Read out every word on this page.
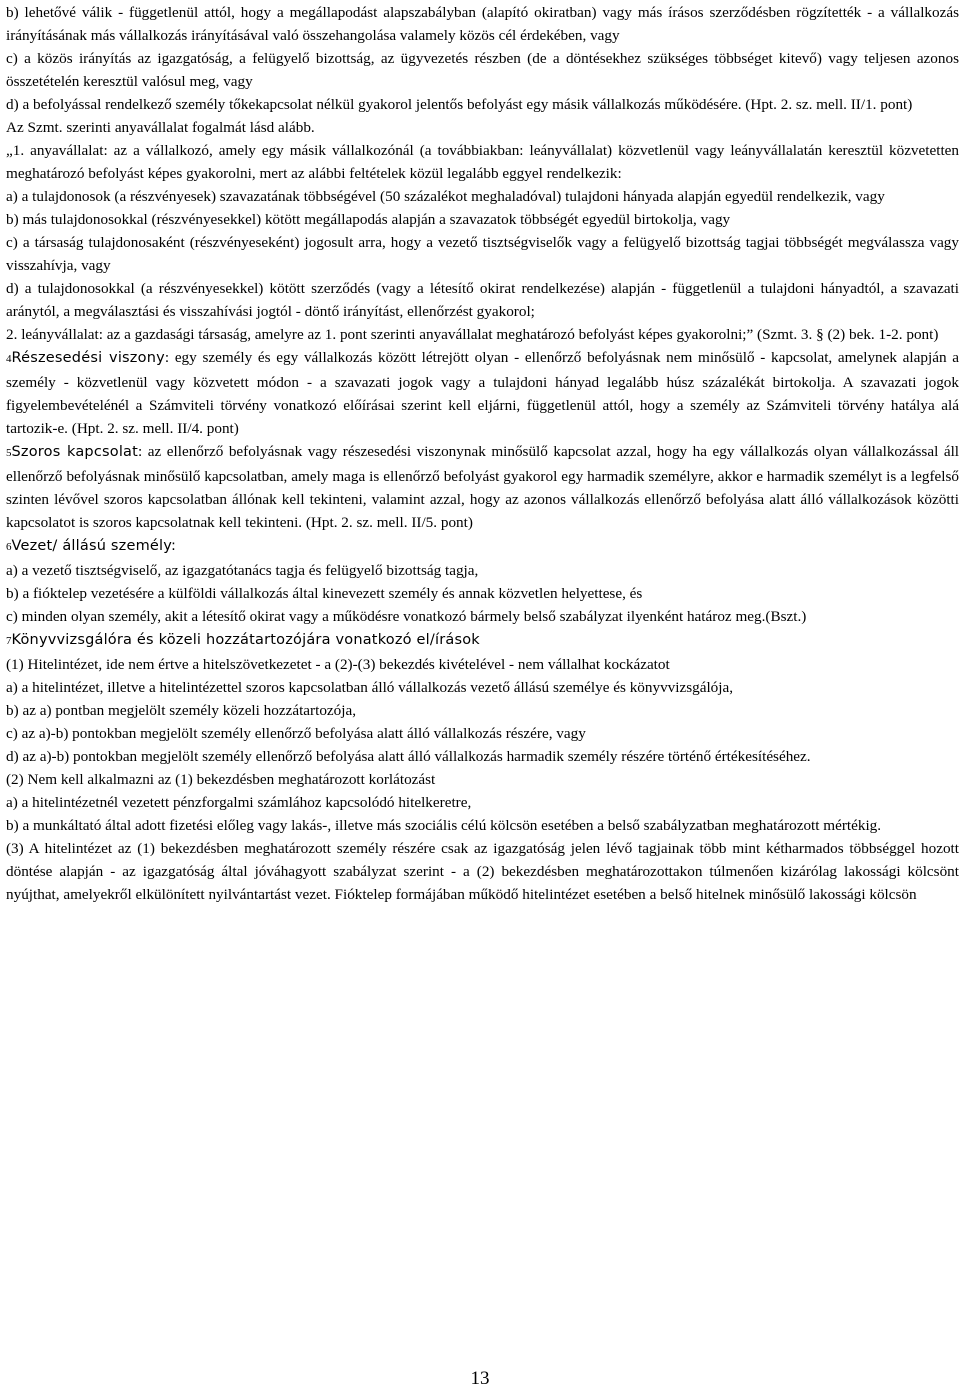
b) lehetővé válik - függetlenül attól, hogy a megállapodást alapszabályban (alapító okiratban) vagy más írásos szerződésben rögzítették - a vállalkozás irányításának más vállalkozás irányításával való összehangolása valamely közös cél érdekében, vagy

c) a közös irányítás az igazgatóság, a felügyelő bizottság, az ügyvezetés részben (de a döntésekhez szükséges többséget kitevő) vagy teljesen azonos összetételén keresztül valósul meg, vagy

d) a befolyással rendelkező személy tőkekapcsolat nélkül gyakorol jelentős befolyást egy másik vállalkozás működésére. (Hpt. 2. sz. mell. II/1. pont)

Az Szmt. szerinti anyavállalat fogalmát lásd alább.

„1. anyavállalat: az a vállalkozó, amely egy másik vállalkozónál (a továbbiakban: leányvállalat) közvetlenül vagy leányvállalatán keresztül közvetetten meghatározó befolyást képes gyakorolni, mert az alábbi feltételek közül legalább eggyel rendelkezik:

a) a tulajdonosok (a részvényesek) szavazatának többségével (50 százalékot meghaladóval) tulajdoni hányada alapján egyedül rendelkezik, vagy

b) más tulajdonosokkal (részvényesekkel) kötött megállapodás alapján a szavazatok többségét egyedül birtokolja, vagy

c) a társaság tulajdonosaként (részvényeseként) jogosult arra, hogy a vezető tisztségviselők vagy a felügyelő bizottság tagjai többségét megválassza vagy visszahívja, vagy

d) a tulajdonosokkal (a részvényesekkel) kötött szerződés (vagy a létesítő okirat rendelkezése) alapján - függetlenül a tulajdoni hányadtól, a szavazati aránytól, a megválasztási és visszahívási jogtól - döntő irányítást, ellenőrzést gyakorol;

2. leányvállalat: az a gazdasági társaság, amelyre az 1. pont szerinti anyavállalat meghatározó befolyást képes gyakorolni;” (Szmt. 3. § (2) bek. 1-2. pont)

4Részesedési viszony: egy személy és egy vállalkozás között létrejött olyan - ellenőrző befolyásnak nem minősülő - kapcsolat, amelynek alapján a személy - közvetlenül vagy közvetett módon - a szavazati jogok vagy a tulajdoni hányad legalább húsz százalékát birtokolja. A szavazati jogok figyelembevételénél a Számviteli törvény vonatkozó előírásai szerint kell eljárni, függetlenül attól, hogy a személy az Számviteli törvény hatálya alá tartozik-e. (Hpt. 2. sz. mell. II/4. pont)

5Szoros kapcsolat: az ellenőrző befolyásnak vagy részesedési viszonynak minősülő kapcsolat azzal, hogy ha egy vállalkozás olyan vállalkozással áll ellenőrző befolyásnak minősülő kapcsolatban, amely maga is ellenőrző befolyást gyakorol egy harmadik személyre, akkor e harmadik személyt is a legfelső szinten lévővel szoros kapcsolatban állónak kell tekinteni, valamint azzal, hogy az azonos vállalkozás ellenőrző befolyása alatt álló vállalkozások közötti kapcsolatot is szoros kapcsolatnak kell tekinteni. (Hpt. 2. sz. mell. II/5. pont)

6Vezet/ állású személy:

a) a vezető tisztségviselő, az igazgatótanács tagja és felügyelő bizottság tagja,

b) a fióktelep vezetésére a külföldi vállalkozás által kinevezett személy és annak közvetlen helyettese, és

c) minden olyan személy, akit a létesítő okirat vagy a működésre vonatkozó bármely belső szabályzat ilyenként határoz meg.(Bszt.)

7Könyvvizsgálóra és közeli hozzátartozójára vonatkozó el/írások

(1) Hitelintézet, ide nem értve a hitelszövetkezetet - a (2)-(3) bekezdés kivételével - nem vállalhat kockázatot

a) a hitelintézet, illetve a hitelintézettel szoros kapcsolatban álló vállalkozás vezető állású személye és könyvvizsgálója,

b) az a) pontban megjelölt személy közeli hozzátartozója,

c) az a)-b) pontokban megjelölt személy ellenőrző befolyása alatt álló vállalkozás részére, vagy

d) az a)-b) pontokban megjelölt személy ellenőrző befolyása alatt álló vállalkozás harmadik személy részére történő értékesítéséhez.

(2) Nem kell alkalmazni az (1) bekezdésben meghatározott korlátozást

a) a hitelintézetnél vezetett pénzforgalmi számlához kapcsolódó hitelkeretre,

b) a munkáltató által adott fizetési előleg vagy lakás-, illetve más szociális célú kölcsön esetében a belső szabályzatban meghatározott mértékig.

(3) A hitelintézet az (1) bekezdésben meghatározott személy részére csak az igazgatóság jelen lévő tagjainak több mint kétharmados többséggel hozott döntése alapján - az igazgatóság által jóváhagyott szabályzat szerint - a (2) bekezdésben meghatározottakon túlmenően kizárólag lakossági kölcsönt nyújthat, amelyekről elkülönített nyilvántartást vezet. Fióktelep formájában működő hitelintézet esetében a belső hitelnek minősülő lakossági kölcsön

13
